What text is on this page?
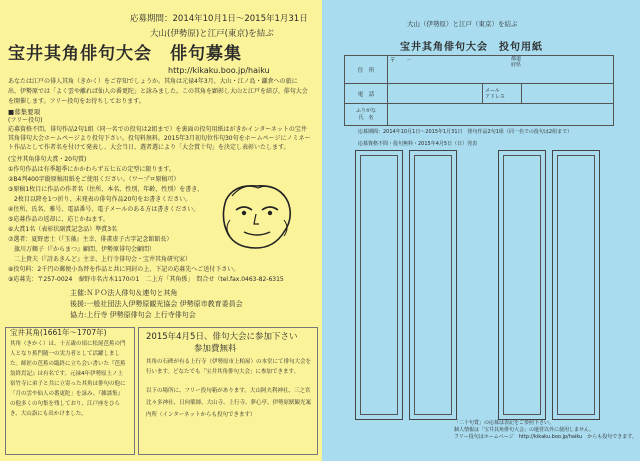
応募期間：2014年10月1日～2015年1月31日
大山(伊勢原)と江戸(東京)を結ぶ
宝井其角俳句大会　俳句募集
http://kikaku.boo.jp/haiku
あなたは江戸の俳人其角（きかく）をご存知でしょうか。其角は元禄4年3月、大山・江ノ島・鎌倉への旅に出、伊勢原では「よく雲や離れば仙人の番更陀」と詠みました。この其角を顕彰し大山と江戸を結び、俳句大会を開催します。フリー投句をお待ちしております。
■募集要項
(フリー投句)
応募資格不問。俳句作品2句1組（同一名での投句は2組まで）を裏面の投句用紙はがきかインターネットの宝井
其角俳句大会ホームページより投句下さい。投句料無料。2015年3月初旬位作句30句をホームページにノミネー
ト作品として作者名を付けて発表し、大会当日、選者選により「大会賞十句」を決定し表彰いたします。
(宝井其角俳句大賞・20句賞)
①作句作品は有季題季にかかわらず五七五の定型に限ります。
②B4判400字縦原稿用紙をご使用ください。（ワープロ原稿可）
③原稿1枚目に作品の作者名（住所、本名、性別、年齢、性別）を書き、
　2枚目以降を1つ折り、未発表の俳句作品20句をお書きください。
④住所、氏名、雅号、電話番号、電子メールのある方は書きください。
⑤応募作品の返却に、応じかねます。
⑥大賞1名（表彰状副賞記念品）準賞3名
⑦選者：夏野恵士（『玉藻』主幸、俳畫虚子古字記念館館長）
　旗川万鶴子（『からまつ』顧問、伊勢原俳句会顧問）
　二上貴夫（『詩あきんど』主幸、上行寺俳句会・宝井其角研究家）
⑧投句料：2千円の郵便小為替を作品と共に同封の上、下記の応募先へご送付下さい。
⑨応募先：〒257-0024　秦野市名古木1170の1　二上方「其角係」　問合せ（tel.fax.0463-82-6315
主催:ＮＰＯ法人俳句＆連句と其角
後援:一般社団法人伊勢原観光協会 伊勢原市教育委員会
協力:上行寺 伊勢原俳句会 上行寺俳句会
宝井其角(1661年～1707年)
其角（きかく）は、十五歳の頃に松尾芭蕉の門人となり蕉門随一の実力者として活躍しました。師匠の芭蕉の臨終に立ち会い書いた『芭蕉翁終焉記』は有名です。元禄4年伊勢原上ノ上宿竹寺に弟子と共に立寄った其角は俳句の他に「月の雲や仙人の番更陀」を詠み、『雑談集』の他多くの句集を残しており、江戸座をひらき、大山詣にも出かけました。
2015年4月5日、俳句大会に参加下さい
参加費無料
其角の石碑が有る上行寺（伊勢原市上粕屋）の本堂にて俳句大会を行います。どなたでも「宝井其角俳句大会」に参加できます。
以下の場所に、フリー投句箱があります。大山阿夫利神社、三之宮比々多神社、日向薬師、大山寺、上行寺、夢心亭、伊勢原駅観光案内所（インターネットからも投句できます）
大山（伊勢原）と江戸（東京）を結ぶ
宝井其角俳句大会　投句用紙
住　所	〒　　－ 都道
府県		

電　話		メール
アドレス	
ふりがな
氏　名			
応募期間：2014年10月1日～2015年1月31日　俳句作品2句1組（同一名での投句は2組まで）
応募資格不問・投句無料・2015年4月5日（日）発表
「二十句賞」の応募は表記をご参照下さい。
個人情報は「宝井其角俳句大会」の運営以外に使用しません。
フリー投句はホームページ　http://kikaku.boo.jp/haiku　からも投句できます。
